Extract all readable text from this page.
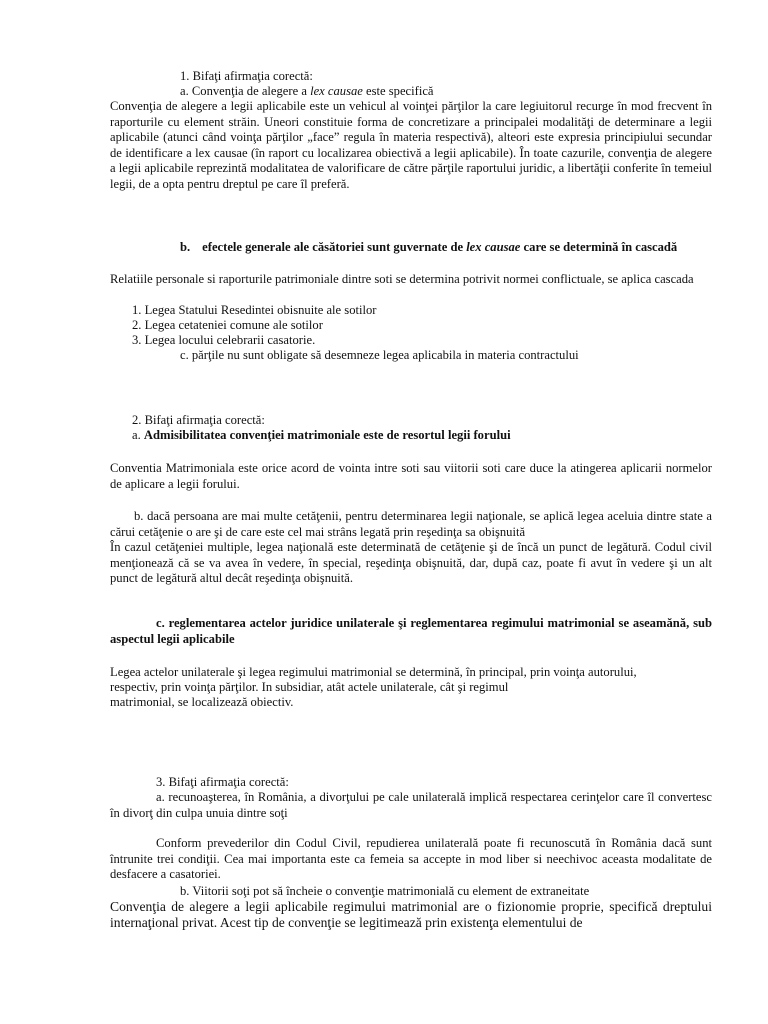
1. Bifaţi afirmaţia corectă:

a. Convenţia de alegere a lex causae este specifică

Convenţia de alegere a legii aplicabile este un vehicul al voinţei părţilor la care legiuitorul recurge în mod frecvent în raporturile cu element străin. Uneori constituie forma de concretizare a principalei modalităţi de determinare a legii aplicabile (atunci când voinţa părţilor „face” regula în materia respectivă), alteori este expresia principiului secundar de identificare a lex causae (în raport cu localizarea obiectivă a legii aplicabile). În toate cazurile, convenţia de alegere a legii aplicabile reprezintă modalitatea de valorificare de către părţile raportului juridic, a libertăţii conferite în temeiul legii, de a opta pentru dreptul pe care îl preferă.

b. efectele generale ale căsătoriei sunt guvernate de lex causae care se determină în cascadă

Relatiile personale si raporturile patrimoniale dintre soti se determina potrivit normei conflictuale, se aplica cascada

1. Legea Statului Resedintei obisnuite ale sotilor

2. Legea cetateniei comune ale sotilor

3. Legea locului celebrarii casatorie.

c. părţile nu sunt obligate să desemneze legea aplicabila in materia contractului

2. Bifaţi afirmaţia corectă:

a. Admisibilitatea convenţiei matrimoniale este de resortul legii forului

Conventia Matrimoniala este orice acord de vointa intre soti sau viitorii soti care duce la atingerea aplicarii normelor de aplicare a legii forului.

b. dacă persoana are mai multe cetăţenii, pentru determinarea legii naţionale, se aplică legea aceluia dintre state a cărui cetăţenie o are şi de care este cel mai strâns legată prin reşedinţa sa obişnuită

În cazul cetăţeniei multiple, legea naţională este determinată de cetăţenie şi de încă un punct de legătură. Codul civil menţionează că se va avea în vedere, în special, reşedinţa obişnuită, dar, după caz, poate fi avut în vedere şi un alt punct de legătură altul decât reşedinţa obişnuită.

c. reglementarea actelor juridice unilaterale şi reglementarea regimului matrimonial se aseamănă, sub aspectul legii aplicabile

Legea actelor unilaterale şi legea regimului matrimonial se determină, în principal, prin voinţa autorului,

respectiv, prin voinţa părţilor. In subsidiar, atât actele unilaterale, cât şi regimul

matrimonial, se localizează obiectiv.

3. Bifaţi afirmaţia corectă:

a. recunoaşterea, în România, a divorţului pe cale unilaterală implică respectarea cerinţelor care îl convertesc în divorţ din culpa unuia dintre soţi

Conform prevederilor din Codul Civil, repudierea unilaterală poate fi recunoscută în România dacă sunt întrunite trei condiţii. Cea mai importanta este ca femeia sa accepte in mod liber si neechivoc aceasta modalitate de desfacere a casatoriei.

b. Viitorii soţi pot să încheie o convenţie matrimonială cu element de extraneitate

Convenţia de alegere a legii aplicabile regimului matrimonial are o fizionomie proprie, specifică dreptului internaţional privat. Acest tip de convenţie se legitimează prin existenţa elementului de
